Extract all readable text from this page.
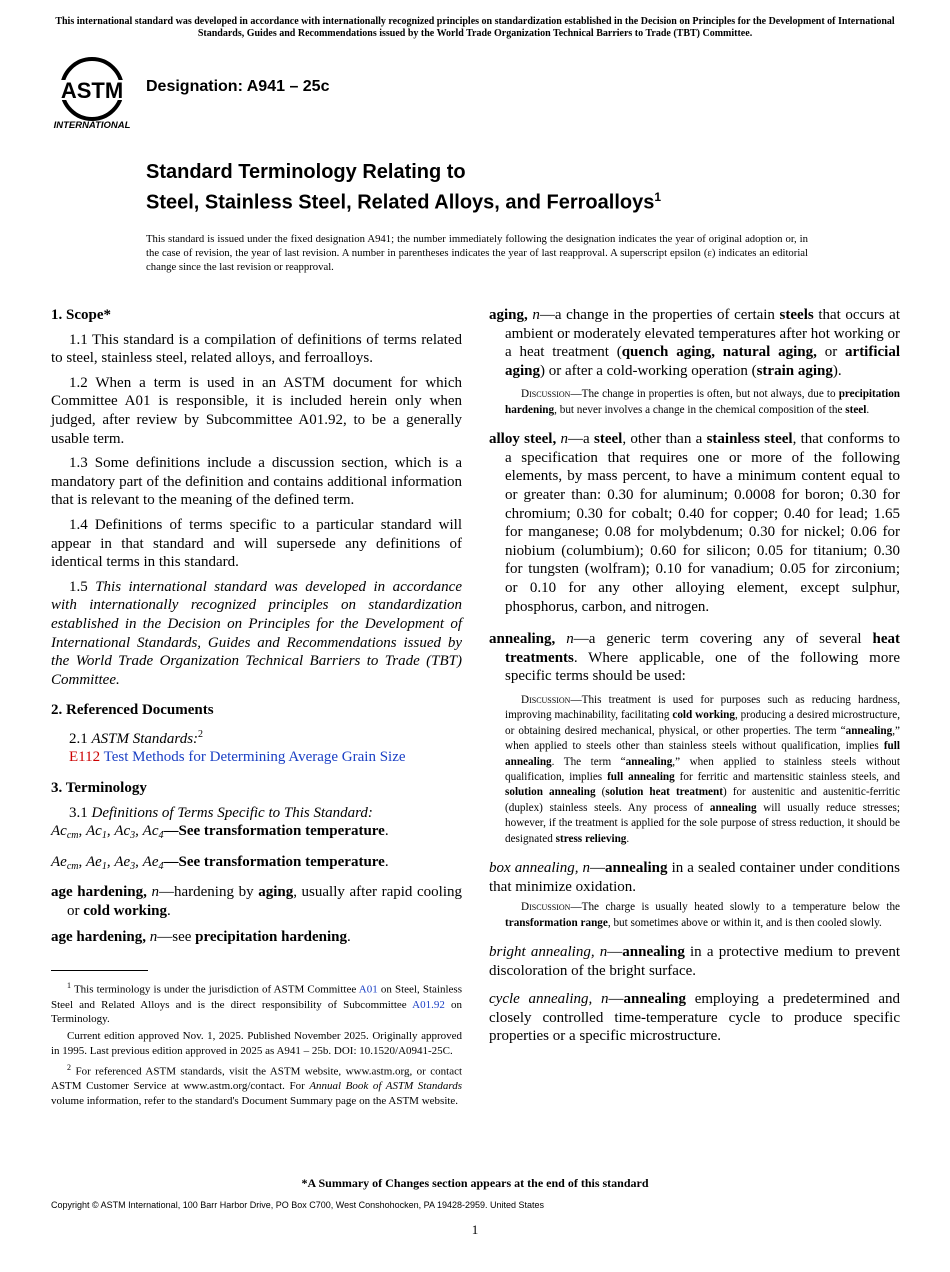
This international standard was developed in accordance with internationally recognized principles on standardization established in the Decision on Principles for the Development of International Standards, Guides and Recommendations issued by the World Trade Organization Technical Barriers to Trade (TBT) Committee.
ASTM
INTERNATIONAL
Designation: A941 – 25c
Standard Terminology Relating to
Steel, Stainless Steel, Related Alloys, and Ferroalloys$^1$
This standard is issued under the fixed designation A941; the number immediately following the designation indicates the year of original adoption or, in the case of revision, the year of last revision. A number in parentheses indicates the year of last reapproval. A superscript epsilon (ε) indicates an editorial change since the last revision or reapproval.
1. Scope*
1.1 This standard is a compilation of definitions of terms related to steel, stainless steel, related alloys, and ferroalloys.
1.2 When a term is used in an ASTM document for which Committee A01 is responsible, it is included herein only when judged, after review by Subcommittee A01.92, to be a generally usable term.
1.3 Some definitions include a discussion section, which is a mandatory part of the definition and contains additional information that is relevant to the meaning of the defined term.
1.4 Definitions of terms specific to a particular standard will appear in that standard and will supersede any definitions of identical terms in this standard.
1.5 This international standard was developed in accordance with internationally recognized principles on standardization established in the Decision on Principles for the Development of International Standards, Guides and Recommendations issued by the World Trade Organization Technical Barriers to Trade (TBT) Committee.
2. Referenced Documents
2.1 ASTM Standards:$^2$
E112 Test Methods for Determining Average Grain Size
3. Terminology
3.1 Definitions of Terms Specific to This Standard:
$Ac_{cm}$, $Ac_1$, $Ac_3$, $Ac_4—See$ transformation temperature.
$Ae_{cm}$, $Ae_1$, $Ae_3$, $Ae_4—See$ transformation temperature.
age hardening, n—hardening by aging, usually after rapid cooling or cold working.
age hardening, n—see precipitation hardening.
$^1$ This terminology is under the jurisdiction of ASTM Committee A01 on Steel, Stainless Steel and Related Alloys and is the direct responsibility of Subcommittee A01.92 on Terminology.
Current edition approved Nov. 1, 2025. Published November 2025. Originally approved in 1995. Last previous edition approved in 2025 as A941 – 25b. DOI: 10.1520/A0941-25C.
$^2$ For referenced ASTM standards, visit the ASTM website, www.astm.org, or contact ASTM Customer Service at www.astm.org/contact. For Annual Book of ASTM Standards volume information, refer to the standard's Document Summary page on the ASTM website.
aging, n—a change in the properties of certain steels that occurs at ambient or moderately elevated temperatures after hot working or a heat treatment (quench aging, natural aging, or artificial aging) or after a cold-working operation (strain aging).
Discussion—The change in properties is often, but not always, due to precipitation hardening, but never involves a change in the chemical composition of the steel.
alloy steel, n—a steel, other than a stainless steel, that conforms to a specification that requires one or more of the following elements, by mass percent, to have a minimum content equal to or greater than: 0.30 for aluminum; 0.0008 for boron; 0.30 for chromium; 0.30 for cobalt; 0.40 for copper; 0.40 for lead; 1.65 for manganese; 0.08 for molybdenum; 0.30 for nickel; 0.06 for niobium (columbium); 0.60 for silicon; 0.05 for titanium; 0.30 for tungsten (wolfram); 0.10 for vanadium; 0.05 for zirconium; or 0.10 for any other alloying element, except sulphur, phosphorus, carbon, and nitrogen.
annealing, n—a generic term covering any of several heat treatments. Where applicable, one of the following more specific terms should be used:
Discussion—This treatment is used for purposes such as reducing hardness, improving machinability, facilitating cold working, producing a desired microstructure, or obtaining desired mechanical, physical, or other properties. The term “annealing,” when applied to steels other than stainless steels without qualification, implies full annealing. The term “annealing,” when applied to stainless steels without qualification, implies full annealing for ferritic and martensitic stainless steels, and solution annealing (solution heat treatment) for austenitic and austenitic-ferritic (duplex) stainless steels. Any process of annealing will usually reduce stresses; however, if the treatment is applied for the sole purpose of stress reduction, it should be designated stress relieving.
box annealing, n—annealing in a sealed container under conditions that minimize oxidation.
Discussion—The charge is usually heated slowly to a temperature below the transformation range, but sometimes above or within it, and is then cooled slowly.
bright annealing, n—annealing in a protective medium to prevent discoloration of the bright surface.
cycle annealing, n—annealing employing a predetermined and closely controlled time-temperature cycle to produce specific properties or a specific microstructure.
*A Summary of Changes section appears at the end of this standard
Copyright © ASTM International, 100 Barr Harbor Drive, PO Box C700, West Conshohocken, PA 19428-2959. United States
1
